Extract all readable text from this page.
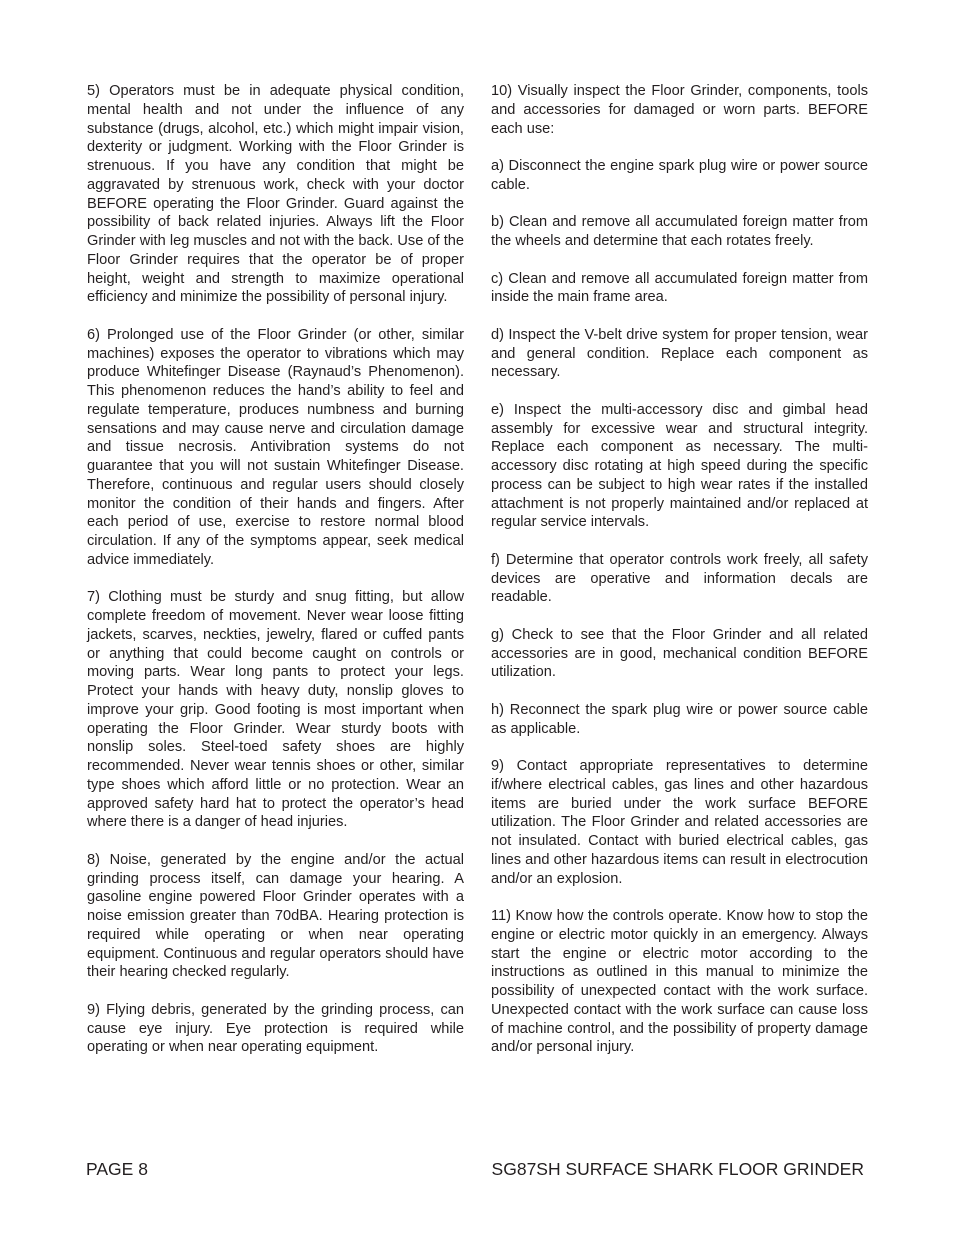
5) Operators must be in adequate physical condition, mental health and not under the influence of any substance (drugs, alcohol, etc.) which might impair vision, dexterity or judgment. Working with the Floor Grinder is strenuous. If you have any condition that might be aggravated by strenuous work, check with your doctor BEFORE operating the Floor Grinder. Guard against the possibility of back related injuries. Always lift the Floor Grinder with leg muscles and not with the back. Use of the Floor Grinder requires that the operator be of proper height, weight and strength to maximize operational efficiency and minimize the possibility of personal injury.

6) Prolonged use of the Floor Grinder (or other, similar machines) exposes the operator to vibrations which may produce Whitefinger Disease (Raynaud’s Phenomenon). This phenomenon reduces the hand’s ability to feel and regulate temperature, produces numbness and burning sensations and may cause nerve and circulation damage and tissue necrosis. Antivibration systems do not guarantee that you will not sustain Whitefinger Disease. Therefore, continuous and regular users should closely monitor the condition of their hands and fingers. After each period of use, exercise to restore normal blood circulation. If any of the symptoms appear, seek medical advice immediately.

7) Clothing must be sturdy and snug fitting, but allow complete freedom of movement. Never wear loose fitting jackets, scarves, neckties, jewelry, flared or cuffed pants or anything that could become caught on controls or moving parts. Wear long pants to protect your legs. Protect your hands with heavy duty, nonslip gloves to improve your grip. Good footing is most important when operating the Floor Grinder. Wear sturdy boots with nonslip soles. Steel-toed safety shoes are highly recommended. Never wear tennis shoes or other, similar type shoes which afford little or no protection. Wear an approved safety hard hat to protect the operator’s head where there is a danger of head injuries.

8) Noise, generated by the engine and/or the actual grinding process itself, can damage your hearing. A gasoline engine powered Floor Grinder operates with a noise emission greater than 70dBA. Hearing protection is required while operating or when near operating equipment. Continuous and regular operators should have their hearing checked regularly.

9) Flying debris, generated by the grinding process, can cause eye injury. Eye protection is required while operating or when near operating equipment.

10) Visually inspect the Floor Grinder, components, tools and accessories for damaged or worn parts. BEFORE each use:

a) Disconnect the engine spark plug wire or power source cable.

b) Clean and remove all accumulated foreign matter from the wheels and determine that each rotates freely.

c) Clean and remove all accumulated foreign matter from inside the main frame area.

d) Inspect the V-belt drive system for proper tension, wear and general condition. Replace each component as necessary.

e) Inspect the multi-accessory disc and gimbal head assembly for excessive wear and structural integrity. Replace each component as necessary. The multi-accessory disc rotating at high speed during the specific process can be subject to high wear rates if the installed attachment is not properly maintained and/or replaced at regular service intervals.

f) Determine that operator controls work freely, all safety devices are operative and information decals are readable.

g) Check to see that the Floor Grinder and all related accessories are in good, mechanical condition BEFORE utilization.

h) Reconnect the spark plug wire or power source cable as applicable.

9) Contact appropriate representatives to determine if/where electrical cables, gas lines and other hazardous items are buried under the work surface BEFORE utilization. The Floor Grinder and related accessories are not insulated. Contact with buried electrical cables, gas lines and other hazardous items can result in electrocution and/or an explosion.

11) Know how the controls operate. Know how to stop the engine or electric motor quickly in an emergency. Always start the engine or electric motor according to the instructions as outlined in this manual to minimize the possibility of unexpected contact with the work surface. Unexpected contact with the work surface can cause loss of machine control, and the possibility of property damage and/or personal injury.

PAGE 8	SG87SH SURFACE SHARK FLOOR GRINDER
